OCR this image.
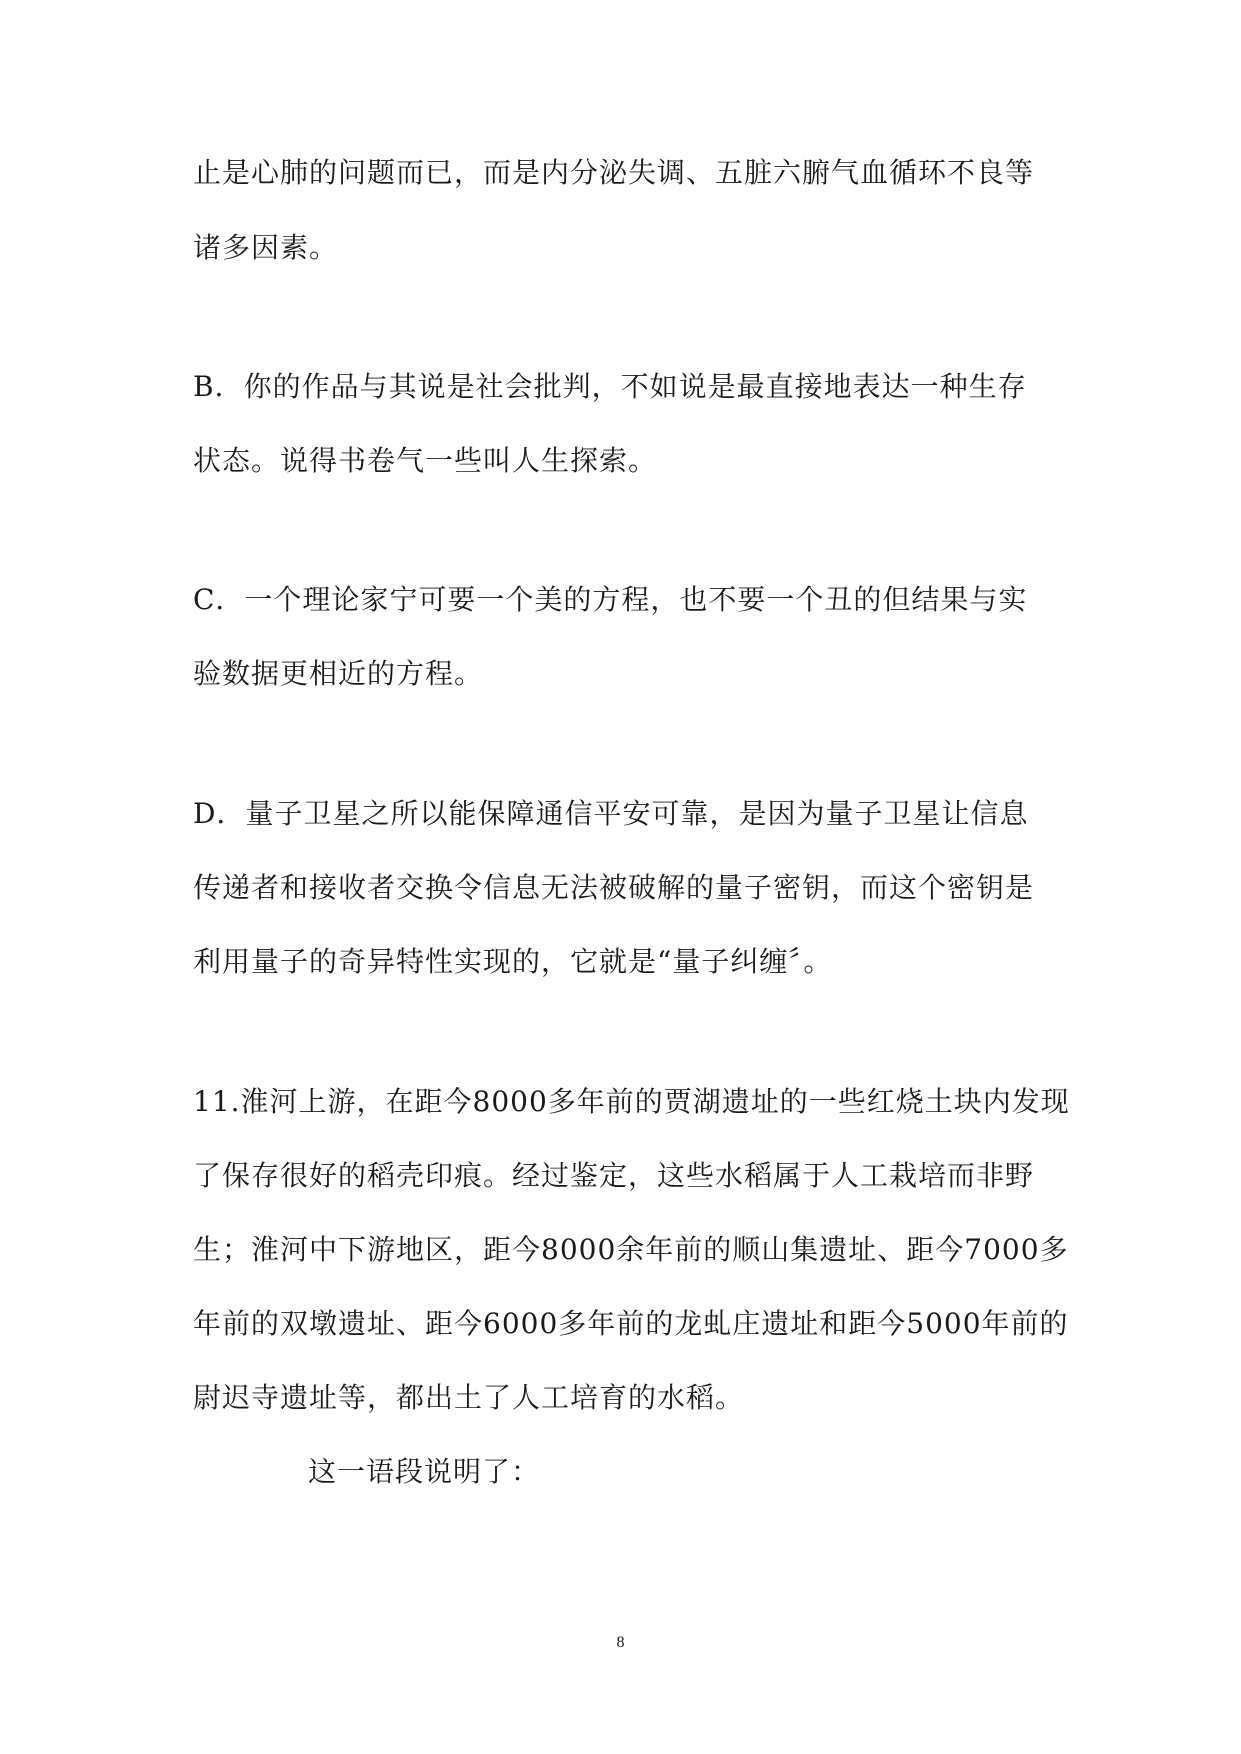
止是心肺的问题而已，而是内分泌失调、五脏六腑气血循环不良等
诸多因素。
B．你的作品与其说是社会批判，不如说是最直接地表达一种生存
状态。说得书卷气一些叫人生探索。
C．一个理论家宁可要一个美的方程，也不要一个丑的但结果与实
验数据更相近的方程。
D．量子卫星之所以能保障通信平安可靠，是因为量子卫星让信息
传递者和接收者交换令信息无法被破解的量子密钥，而这个密钥是
利用量子的奇异特性实现的，它就是“量子纠缠〞。
11.淮河上游，在距今8000多年前的贾湖遗址的一些红烧土块内发现
了保存很好的稻壳印痕。经过鉴定，这些水稻属于人工栽培而非野
生；淮河中下游地区，距今8000余年前的顺山集遗址、距今7000多
年前的双墩遗址、距今6000多年前的龙虬庄遗址和距今5000年前的
尉迟寺遗址等，都出土了人工培育的水稻。
这一语段说明了：
8
